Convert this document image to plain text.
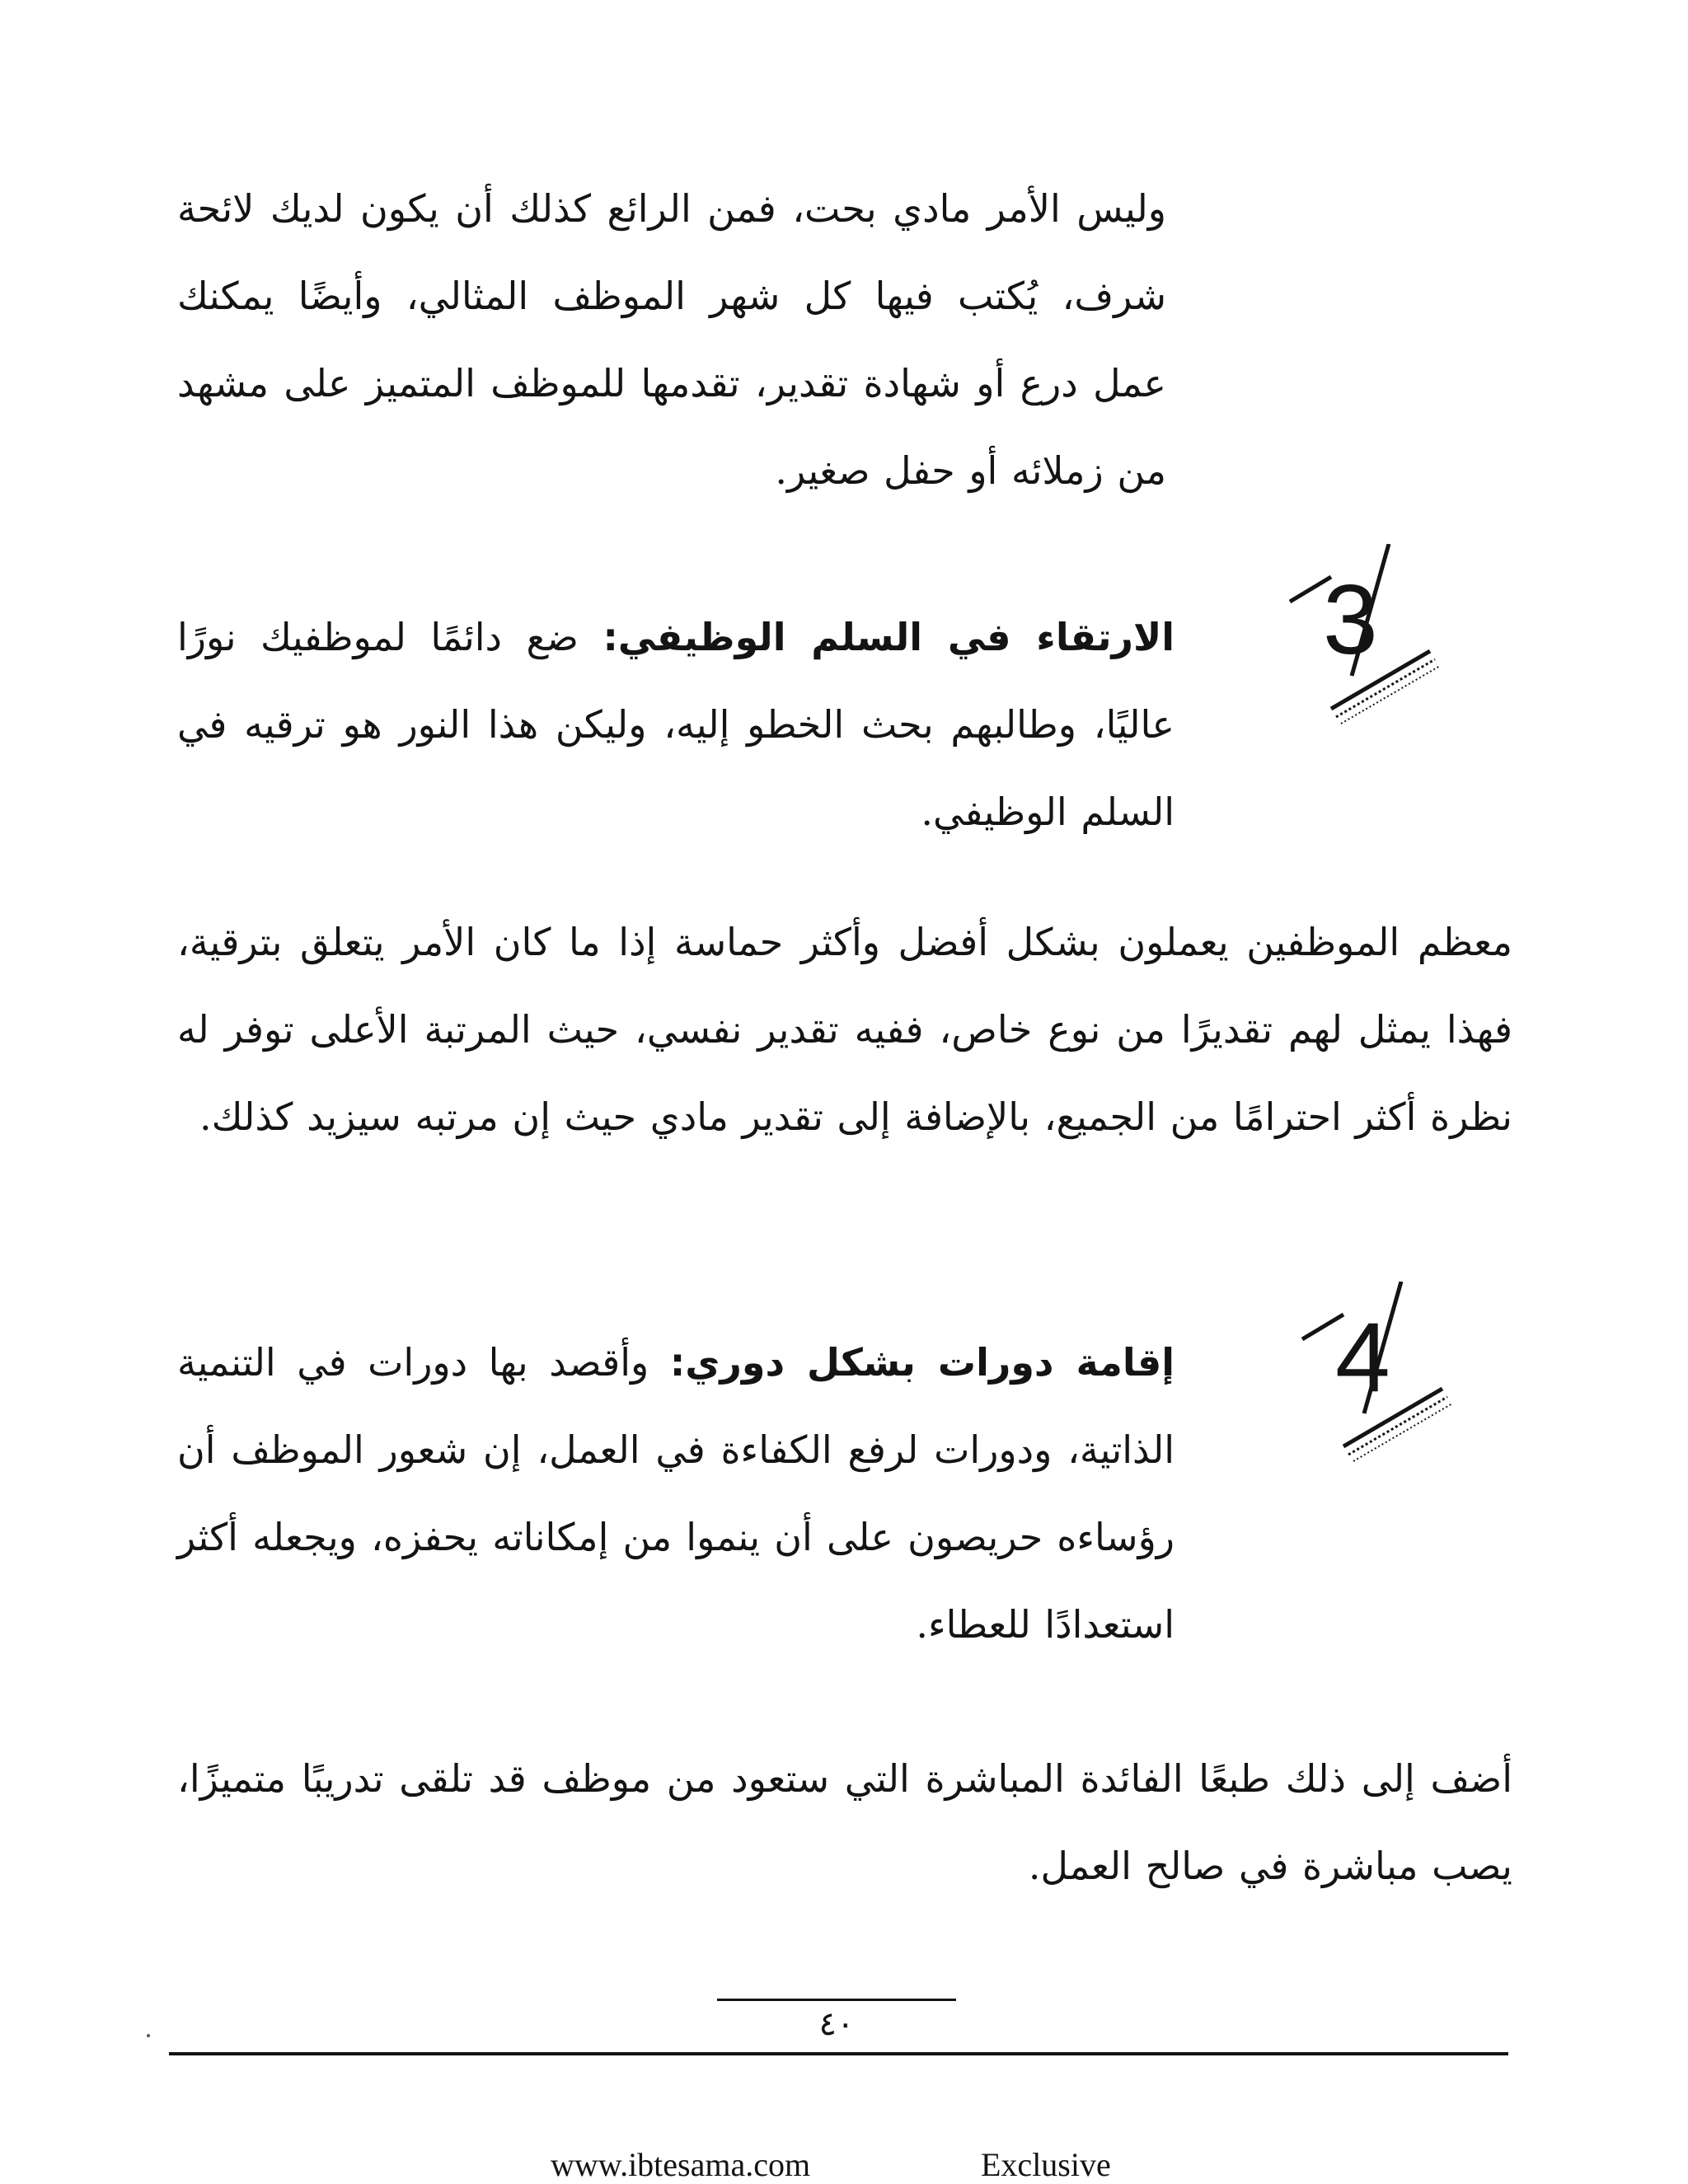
وليس الأمر مادي بحت، فمن الرائع كذلك أن يكون لديك لائحة شرف، يُكتب فيها كل شهر الموظف المثالي، وأيضًا يمكنك عمل درع أو شهادة تقدير، تقدمها للموظف المتميز على مشهد من زملائه أو حفل صغير.

3

الارتقاء في السلم الوظيفي: ضع دائمًا لموظفيك نورًا عاليًا، وطالبهم بحث الخطو إليه، وليكن هذا النور هو ترقيه في السلم الوظيفي.

معظم الموظفين يعملون بشكل أفضل وأكثر حماسة إذا ما كان الأمر يتعلق بترقية، فهذا يمثل لهم تقديرًا من نوع خاص، ففيه تقدير نفسي، حيث المرتبة الأعلى توفر له نظرة أكثر احترامًا من الجميع، بالإضافة إلى تقدير مادي حيث إن مرتبه سيزيد كذلك.

4

إقامة دورات بشكل دوري: وأقصد بها دورات في التنمية الذاتية، ودورات لرفع الكفاءة في العمل، إن شعور الموظف أن رؤساءه حريصون على أن ينموا من إمكاناته يحفزه، ويجعله أكثر استعدادًا للعطاء.

أضف إلى ذلك طبعًا الفائدة المباشرة التي ستعود من موظف قد تلقى تدريبًا متميزًا، يصب مباشرة في صالح العمل.

٤٠
www.ibtesama.com	Exclusive
